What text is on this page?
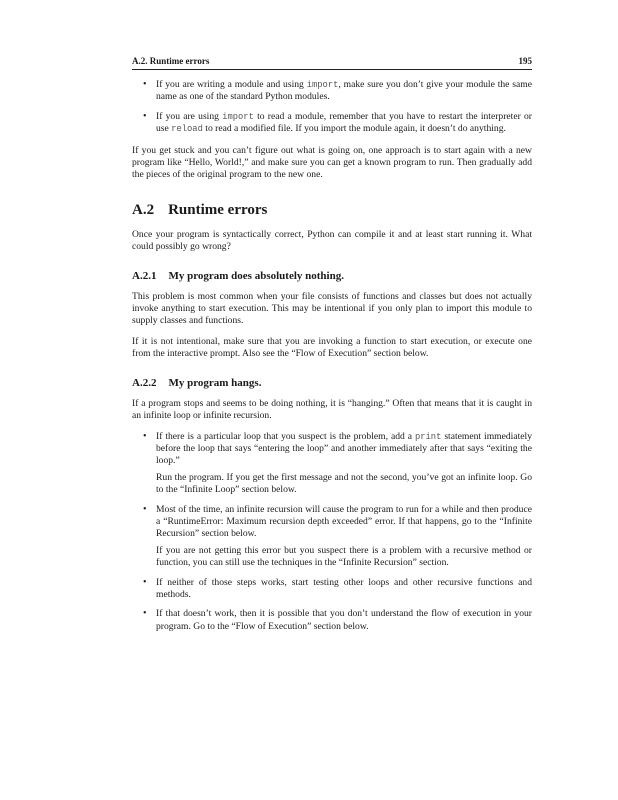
A.2. Runtime errors	195

• If you are writing a module and using import, make sure you don’t give your module the same name as one of the standard Python modules.

• If you are using import to read a module, remember that you have to restart the interpreter or use reload to read a modified file. If you import the module again, it doesn’t do anything.

If you get stuck and you can’t figure out what is going on, one approach is to start again with a new program like “Hello, World!,” and make sure you can get a known program to run. Then gradually add the pieces of the original program to the new one.

A.2 Runtime errors

Once your program is syntactically correct, Python can compile it and at least start running it. What could possibly go wrong?

A.2.1 My program does absolutely nothing.

This problem is most common when your file consists of functions and classes but does not actually invoke anything to start execution. This may be intentional if you only plan to import this module to supply classes and functions.

If it is not intentional, make sure that you are invoking a function to start execution, or execute one from the interactive prompt. Also see the “Flow of Execution” section below.

A.2.2 My program hangs.

If a program stops and seems to be doing nothing, it is “hanging.” Often that means that it is caught in an infinite loop or infinite recursion.

• If there is a particular loop that you suspect is the problem, add a print statement immediately before the loop that says “entering the loop” and another immediately after that says “exiting the loop.”

Run the program. If you get the first message and not the second, you’ve got an infinite loop. Go to the “Infinite Loop” section below.

• Most of the time, an infinite recursion will cause the program to run for a while and then produce a “RuntimeError: Maximum recursion depth exceeded” error. If that happens, go to the “Infinite Recursion” section below.

If you are not getting this error but you suspect there is a problem with a recursive method or function, you can still use the techniques in the “Infinite Recursion” section.

• If neither of those steps works, start testing other loops and other recursive functions and methods.

• If that doesn’t work, then it is possible that you don’t understand the flow of execution in your program. Go to the “Flow of Execution” section below.
